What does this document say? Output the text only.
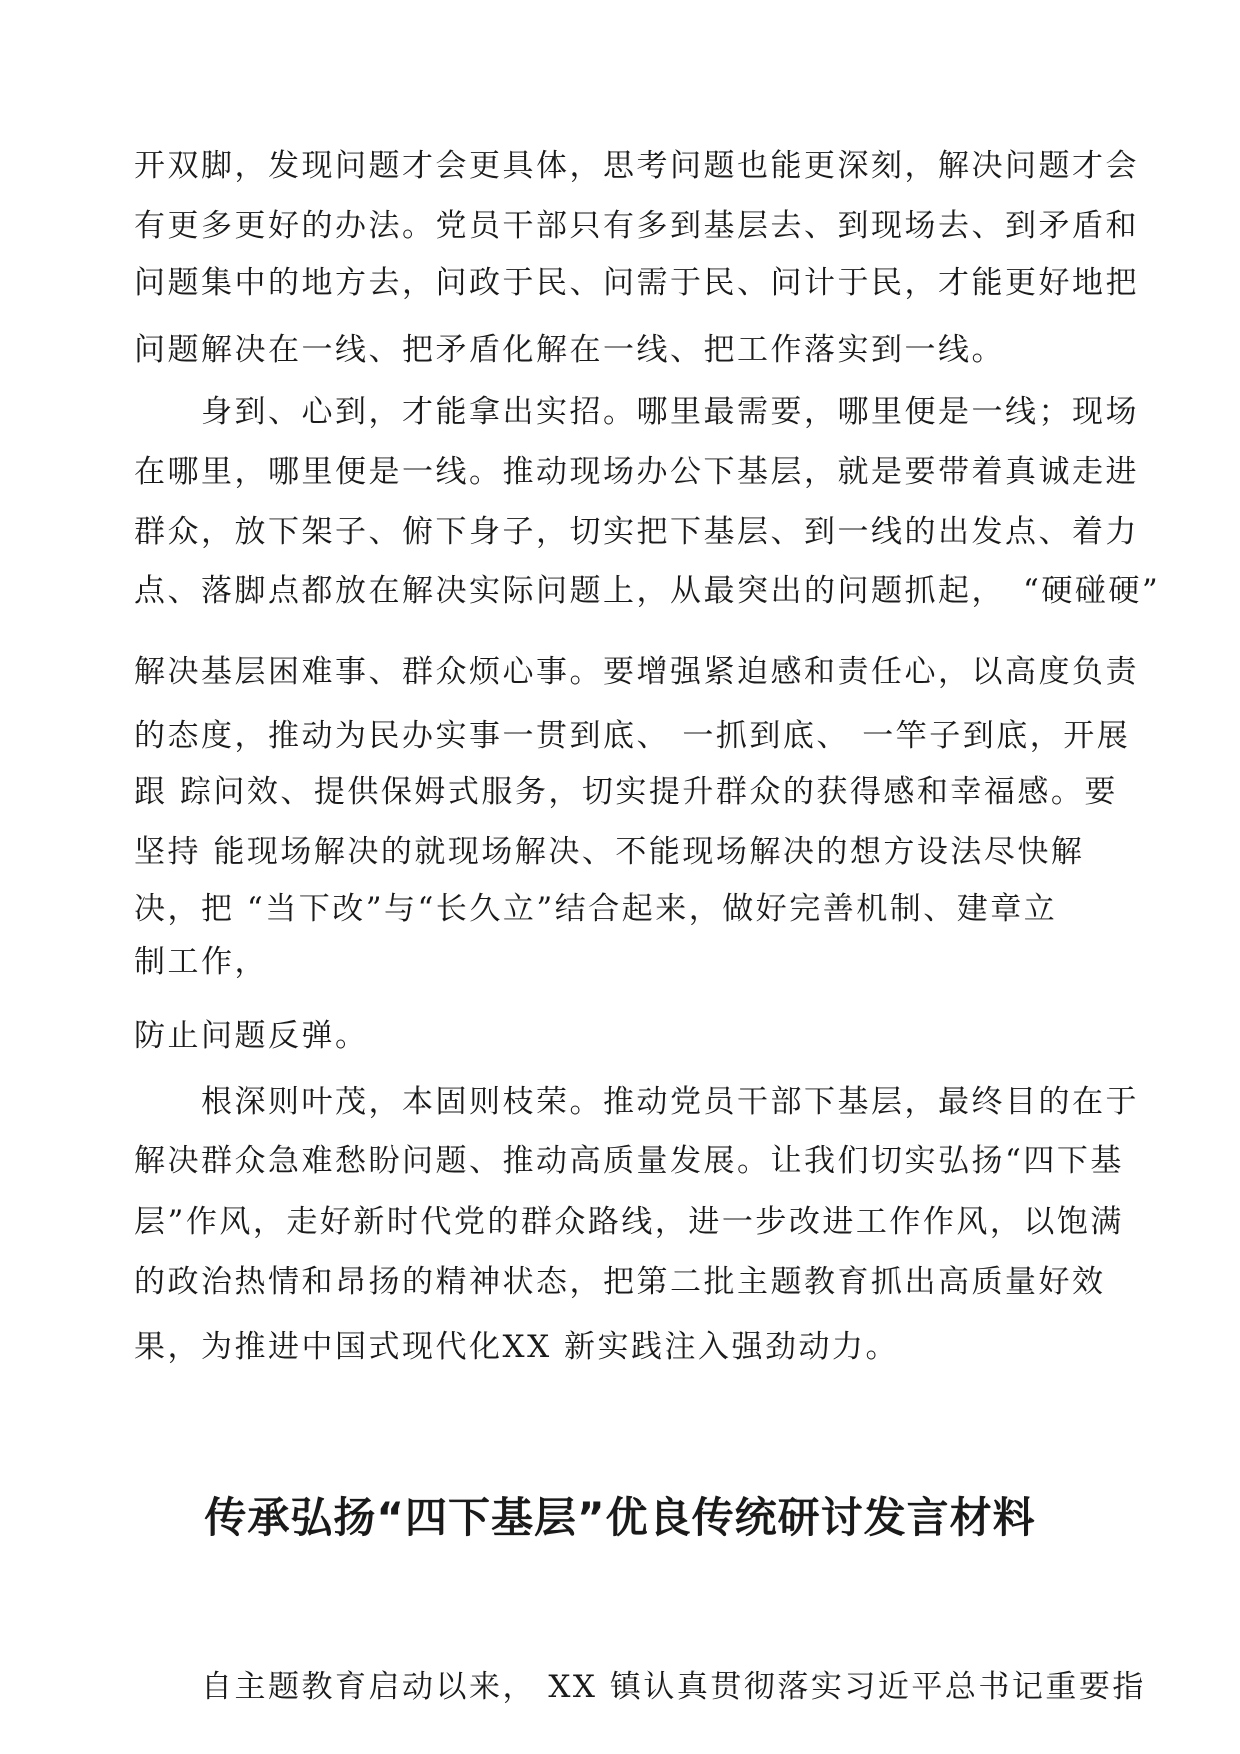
开双脚，发现问题才会更具体，思考问题也能更深刻，解决问题才会
有更多更好的办法。党员干部只有多到基层去、到现场去、到矛盾和
问题集中的地方去，问政于民、问需于民、问计于民，才能更好地把
问题解决在一线、把矛盾化解在一线、把工作落实到一线。
　　身到、心到，才能拿出实招。哪里最需要，哪里便是一线；现场
在哪里，哪里便是一线。推动现场办公下基层，就是要带着真诚走进
群众，放下架子、俯下身子，切实把下基层、到一线的出发点、着力
点、落脚点都放在解决实际问题上，从最突出的问题抓起，　“硬碰硬”
解决基层困难事、群众烦心事。要增强紧迫感和责任心，以高度负责
的态度，推动为民办实事一贯到底、 一抓到底、 一竿子到底，开展
跟 踪问效、提供保姆式服务，切实提升群众的获得感和幸福感。要
坚持 能现场解决的就现场解决、不能现场解决的想方设法尽快解
决，把 “当下改”与“长久立”结合起来，做好完善机制、建章立
制工作，
防止问题反弹。
　　根深则叶茂，本固则枝荣。推动党员干部下基层，最终目的在于
解决群众急难愁盼问题、推动高质量发展。让我们切实弘扬“四下基
层”作风，走好新时代党的群众路线，进一步改进工作作风，以饱满
的政治热情和昂扬的精神状态，把第二批主题教育抓出高质量好效
果，为推进中国式现代化XX 新实践注入强劲动力。
传承弘扬“四下基层”优良传统研讨发言材料
　　自主题教育启动以来， XX 镇认真贯彻落实习近平总书记重要指
